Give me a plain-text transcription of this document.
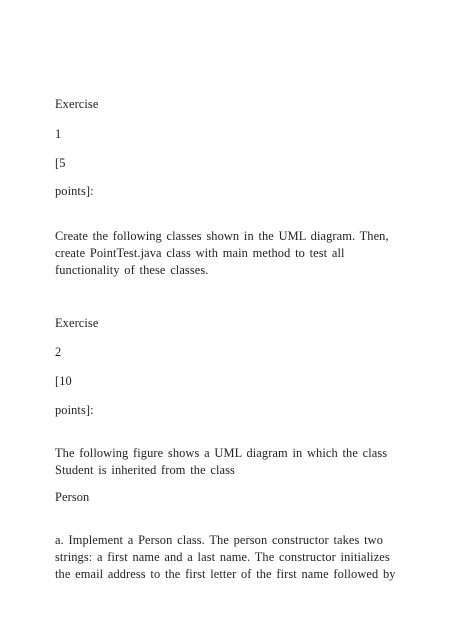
Exercise
1
[5
points]:
Create the following classes shown in the UML diagram. Then,
create PointTest.java class with main method to test all
functionality of these classes.
Exercise
2
[10
points]:
The following figure shows a UML diagram in which the class
Student is inherited from the class
Person
a. Implement a Person class. The person constructor takes two
strings: a first name and a last name. The constructor initializes
the email address to the first letter of the first name followed by
